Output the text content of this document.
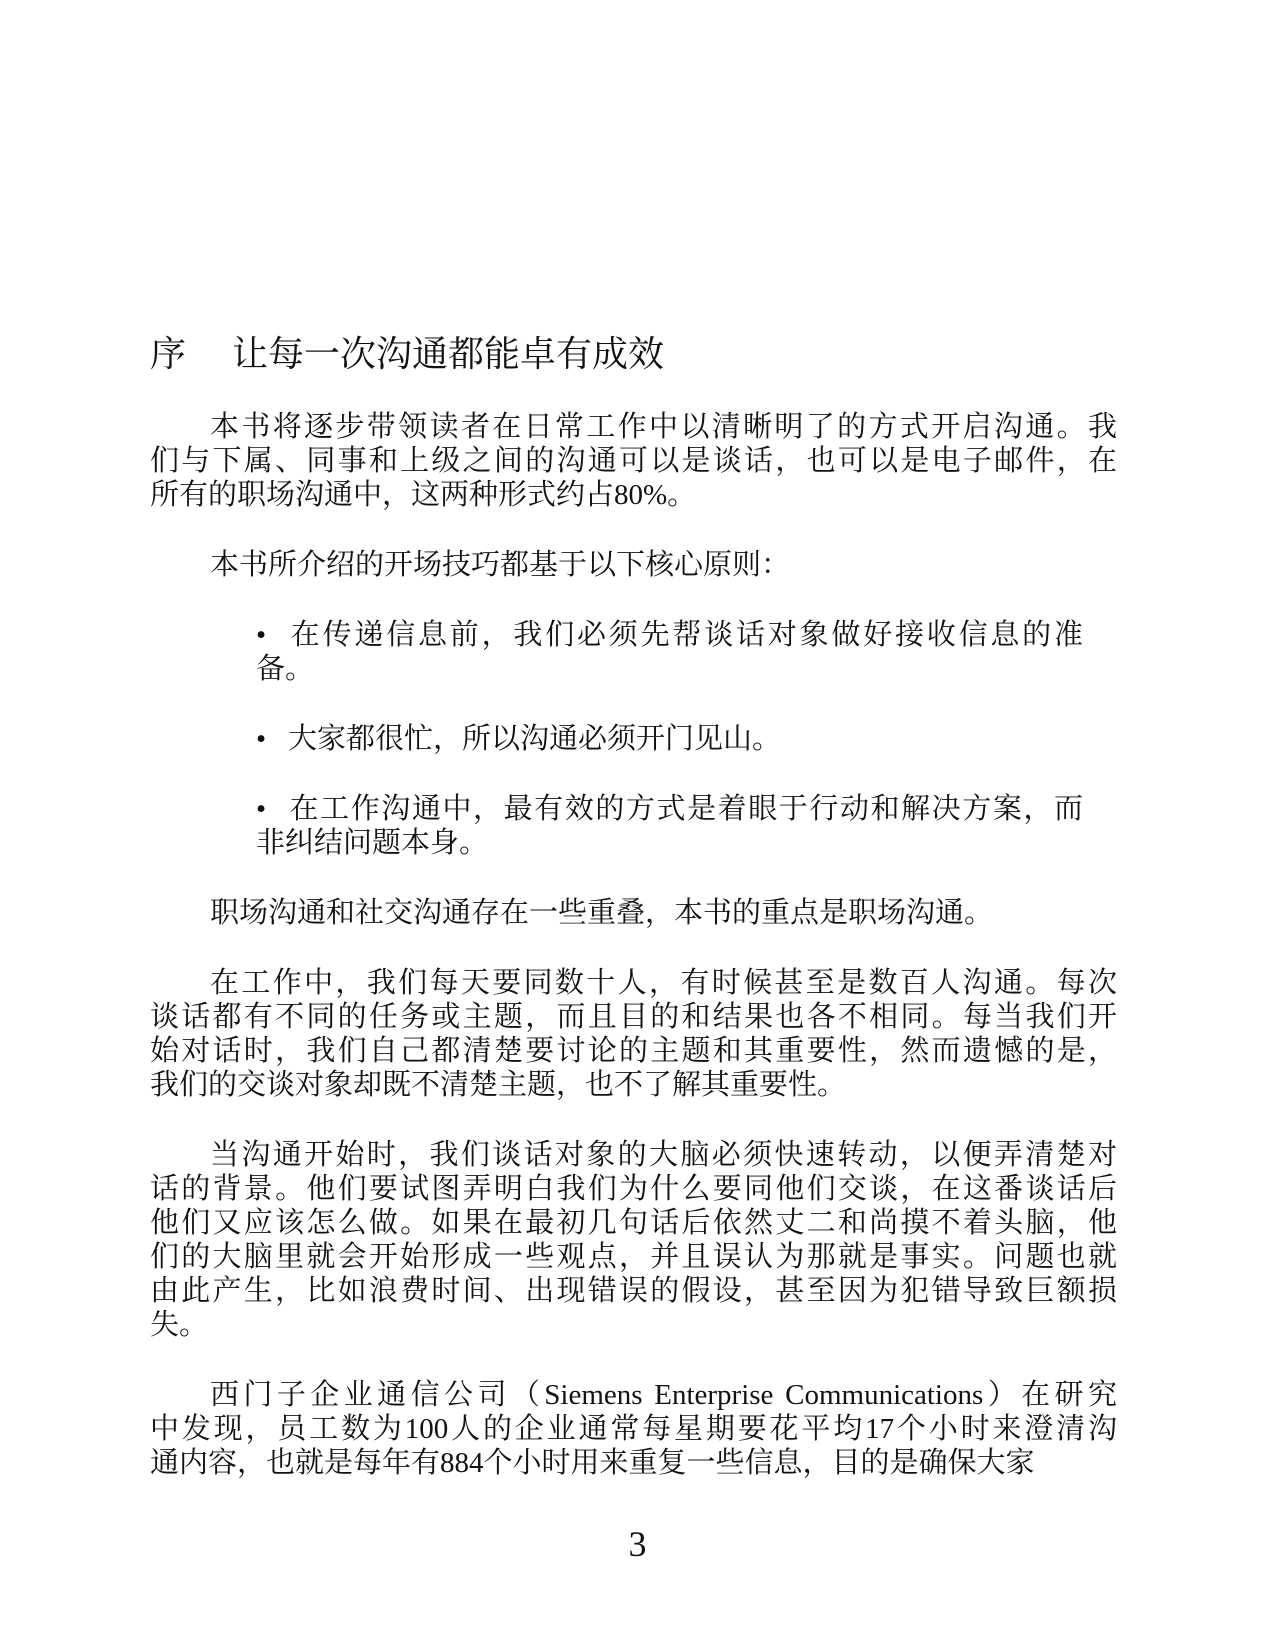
序 让每一次沟通都能卓有成效
本书将逐步带领读者在日常工作中以清晰明了的方式开启沟通。我
们与下属、同事和上级之间的沟通可以是谈话，也可以是电子邮件，在
所有的职场沟通中，这两种形式约占80%。
本书所介绍的开场技巧都基于以下核心原则：
• 在传递信息前，我们必须先帮谈话对象做好接收信息的准
备。
• 大家都很忙，所以沟通必须开门见山。
• 在工作沟通中，最有效的方式是着眼于行动和解决方案，而
非纠结问题本身。
职场沟通和社交沟通存在一些重叠，本书的重点是职场沟通。
在工作中，我们每天要同数十人，有时候甚至是数百人沟通。每次
谈话都有不同的任务或主题，而且目的和结果也各不相同。每当我们开
始对话时，我们自己都清楚要讨论的主题和其重要性，然而遗憾的是，
我们的交谈对象却既不清楚主题，也不了解其重要性。
当沟通开始时，我们谈话对象的大脑必须快速转动，以便弄清楚对
话的背景。他们要试图弄明白我们为什么要同他们交谈，在这番谈话后
他们又应该怎么做。如果在最初几句话后依然丈二和尚摸不着头脑，他
们的大脑里就会开始形成一些观点，并且误认为那就是事实。问题也就
由此产生，比如浪费时间、出现错误的假设，甚至因为犯错导致巨额损
失。
西门子企业通信公司（Siemens Enterprise Communications）在研究
中发现，员工数为100人的企业通常每星期要花平均17个小时来澄清沟
通内容，也就是每年有884个小时用来重复一些信息，目的是确保大家
3
